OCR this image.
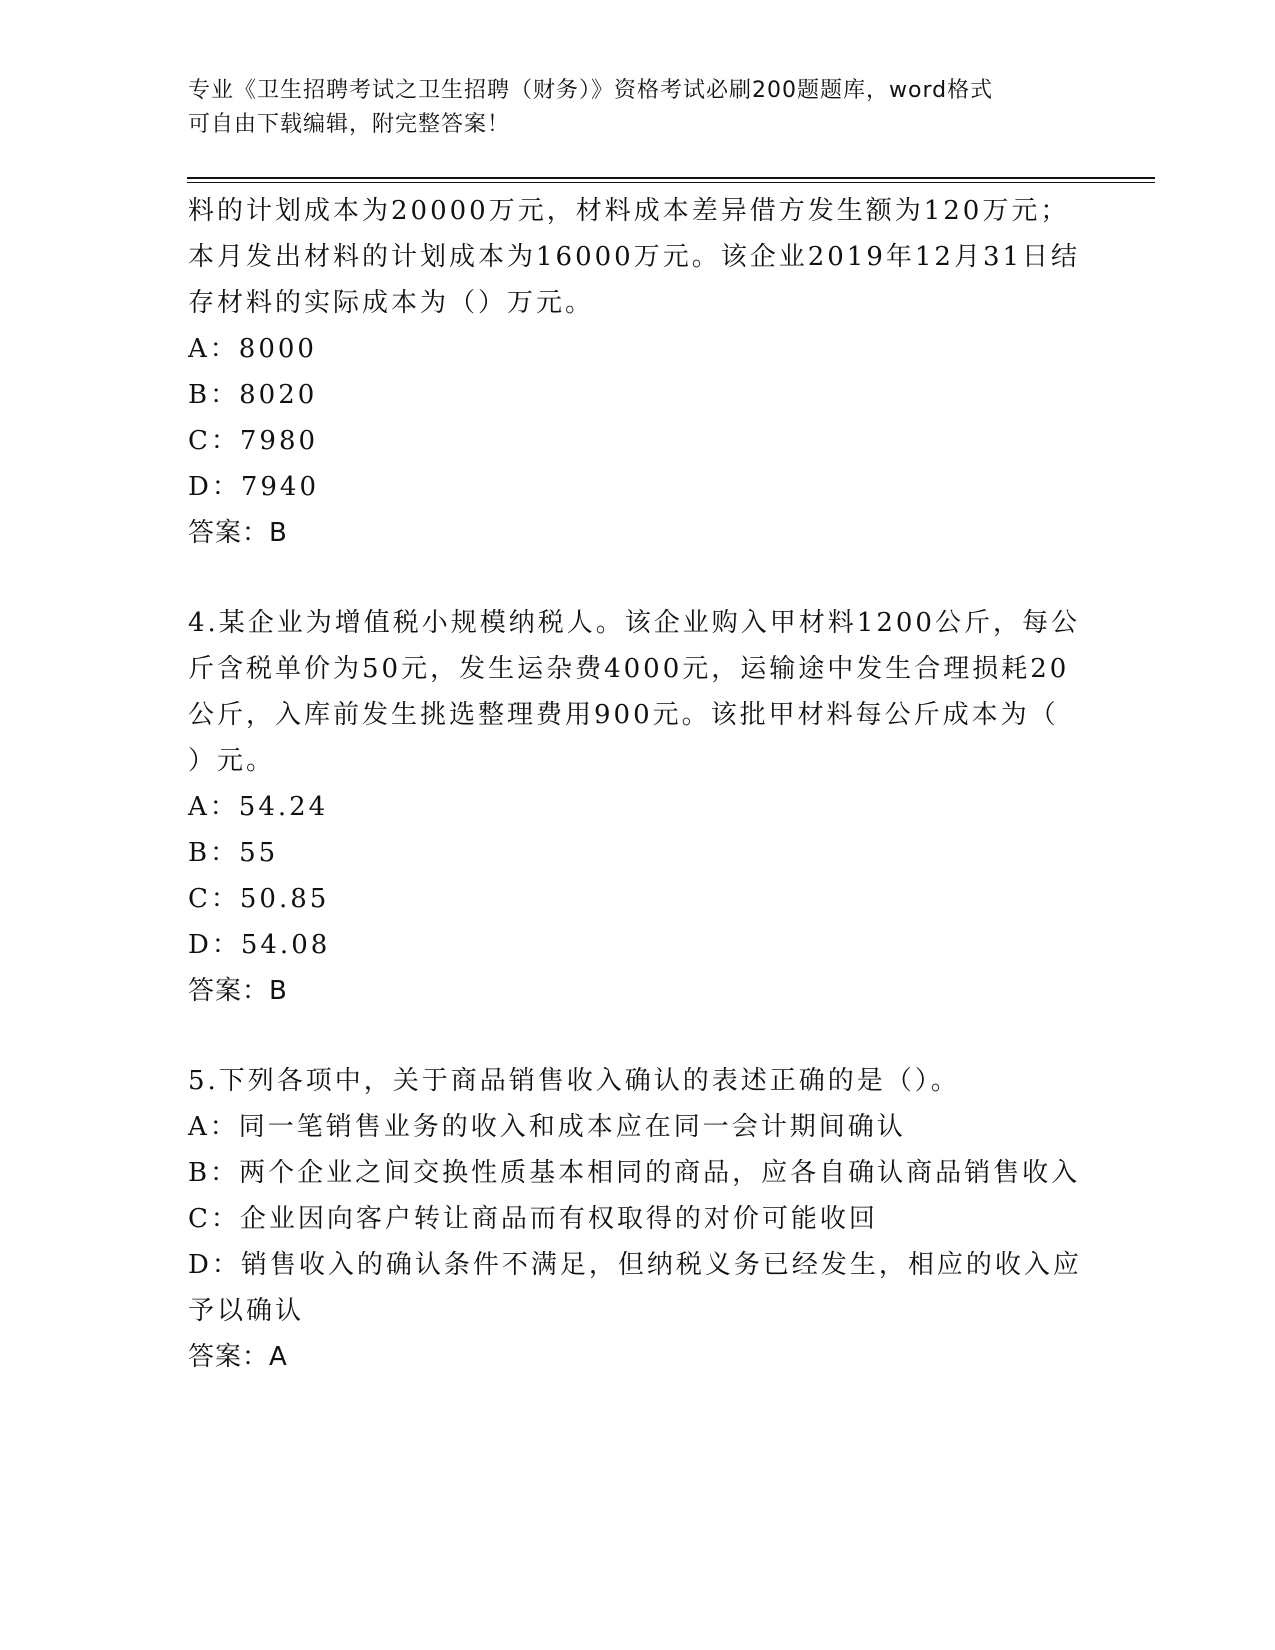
专业《卫生招聘考试之卫生招聘（财务）》资格考试必刷200题题库，word格式
可自由下载编辑，附完整答案！
料的计划成本为20000万元，材料成本差异借方发生额为120万元；
本月发出材料的计划成本为16000万元。该企业2019年12月31日结
存材料的实际成本为（）万元。
A：8000
B：8020
C：7980
D：7940
答案：B
4.某企业为增值税小规模纳税人。该企业购入甲材料1200公斤，每公
斤含税单价为50元，发生运杂费4000元，运输途中发生合理损耗20
公斤，入库前发生挑选整理费用900元。该批甲材料每公斤成本为（
）元。
A：54.24
B：55
C：50.85
D：54.08
答案：B
5.下列各项中，关于商品销售收入确认的表述正确的是（）。
A：同一笔销售业务的收入和成本应在同一会计期间确认
B：两个企业之间交换性质基本相同的商品，应各自确认商品销售收入
C：企业因向客户转让商品而有权取得的对价可能收回
D：销售收入的确认条件不满足，但纳税义务已经发生，相应的收入应
予以确认
答案：A
